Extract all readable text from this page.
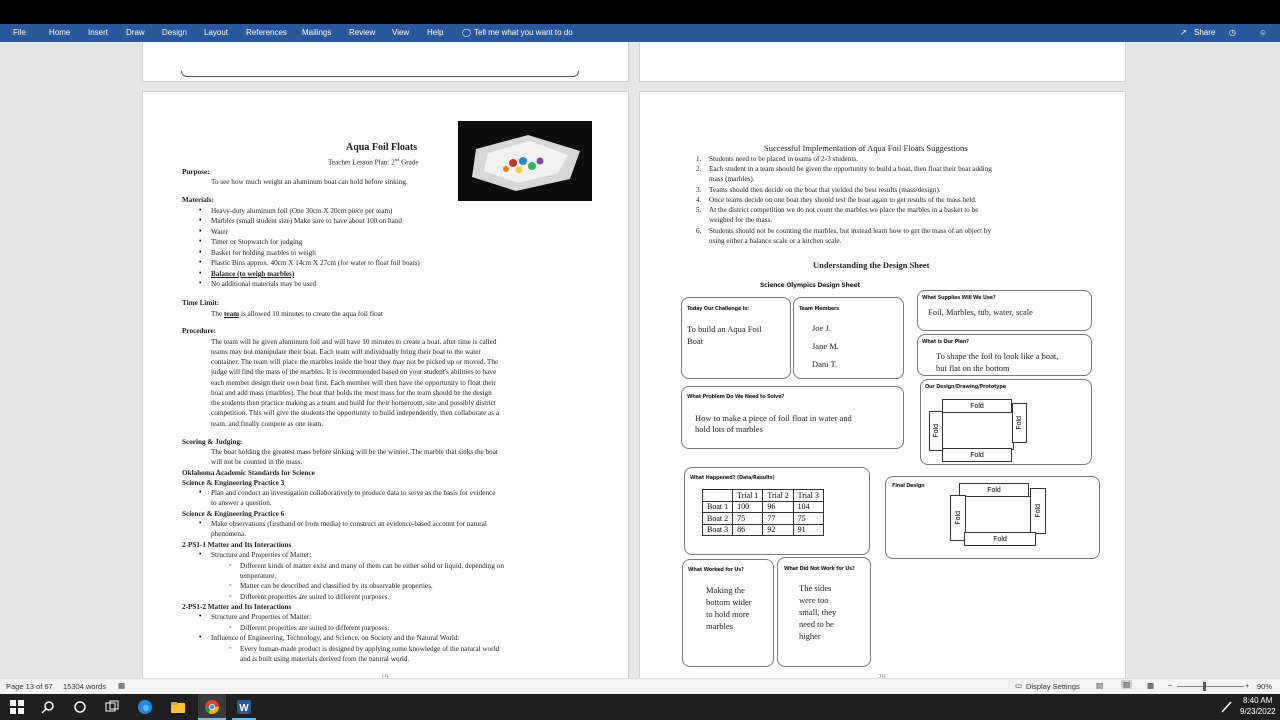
File	Home Insert Draw Design Layout References Mailings Review View Help ◯ Tell me what you want to do	↗ Share ◷	☺
Aqua Foil Floats
Teacher Lesson Plan: 2nd Grade
Purpose:
To see how much weight an aluminum boat can hold before sinking.
Materials:
• Heavy-duty aluminum foil (One 30cm X 20cm piece per team)
• Marbles (small student size) Make sure to have about 100 on hand
• Water
• Timer or Stopwatch for judging
• Basket for holding marbles to weigh
• Plastic Bins approx. 40cm X 14cm X 27cm (for water to float foil boats)
• Balance (to weigh marbles)
• No additional materials may be used
Time Limit:
The team is allowed 10 minutes to create the aqua foil float
Procedure:
The team will be given aluminum foil and will have 10 minutes to create a boat. after time is called
teams may not manipulate their boat. Each team will individually bring their boat to the water
container. The team will place the marbles inside the boat they may not be picked up or moved. The
judge will find the mass of the marbles. It is recommended based on your student's abilities to have
each member design their own boat first. Each member will then have the opportunity to float their
boat and add mass (marbles). The boat that holds the most mass for the team should be the design
the students then practice making as a team and build for their homeroom, site and possibly district
competition. This will give the students the opportunity to build independently, then collaborate as a
team, and finally compete as one team.
Scoring & Judging:
The boat holding the greatest mass before sinking will be the winner. The marble that sinks the boat
will not be counted in the mass.
Oklahoma Academic Standards for Science
Science & Engineering Practice 3
• Plan and conduct an investigation collaboratively to produce data to serve as the basis for evidence
to answer a question.
Science & Engineering Practice 6
• Make observations (firsthand or from media) to construct an evidence-based account for natural
phenomena.
2-PS1-1 Matter and Its Interactions
• Structure and Properties of Matter:
◦ Different kinds of matter exist and many of them can be either solid or liquid, depending on
temperature.
◦ Matter can be described and classified by its observable properties.
◦ Different properties are suited to different purposes.
2-PS1-2 Matter and Its Interactions
• Structure and Properties of Matter:
◦ Different properties are suited to different purposes.
• Influence of Engineering, Technology, and Science, on Society and the Natural World:
◦ Every human-made product is designed by applying some knowledge of the natural world
and is built using materials derived from the natural world.
19
Successful Implementation of Aqua Foil Floats Suggestions
1. Students need to be placed in teams of 2-3 students.
2. Each student in a team should be given the opportunity to build a boat, then float their boat adding
mass (marbles).
3. Teams should then decide on the boat that yielded the best results (mass/design).
4. Once teams decide on one boat they should test the boat again to get results of the mass held.
5. At the district competition we do not count the marbles we place the marbles in a basket to be
weighed for the mass.
6. Students should not be counting the marbles, but instead learn how to get the mass of an object by
using either a balance scale or a kitchen scale.
Understanding the Design Sheet
Science Olympics Design Sheet
Today Our Challenge Is:
To build an Aqua Foil
Boat
Team Members
Joe J.
Jane M.
Dani T.
What Supplies Will We Use?
Foil, Marbles, tub, water, scale
What is Our Plan?
To shape the foil to look like a boat,
but flat on the bottom
What Problem Do We Need to Solve?
How to make a piece of foil float in water and
hold lots of marbles
Our Design/Drawing/Prototype
Fold
Fold
Fold
Fold
What Happened? (Data/Results)
	Trial 1	Trial 2	Trial 3
Boat 1	100	96	104
Boat 2	75	77	75
Boat 3	86	92	91
Final Design
Fold
Fold
Fold
Fold
What Worked for Us?
Making the
bottom wider
to hold more
marbles
What Did Not Work for Us?
The sides
were too
small, they
need to be
higher
20
Page 13 of 67 15304 words ▦	▭ Display Settings ▤	▤ ▩ −	+ 90%
W
8:40 AM
9/23/2022
